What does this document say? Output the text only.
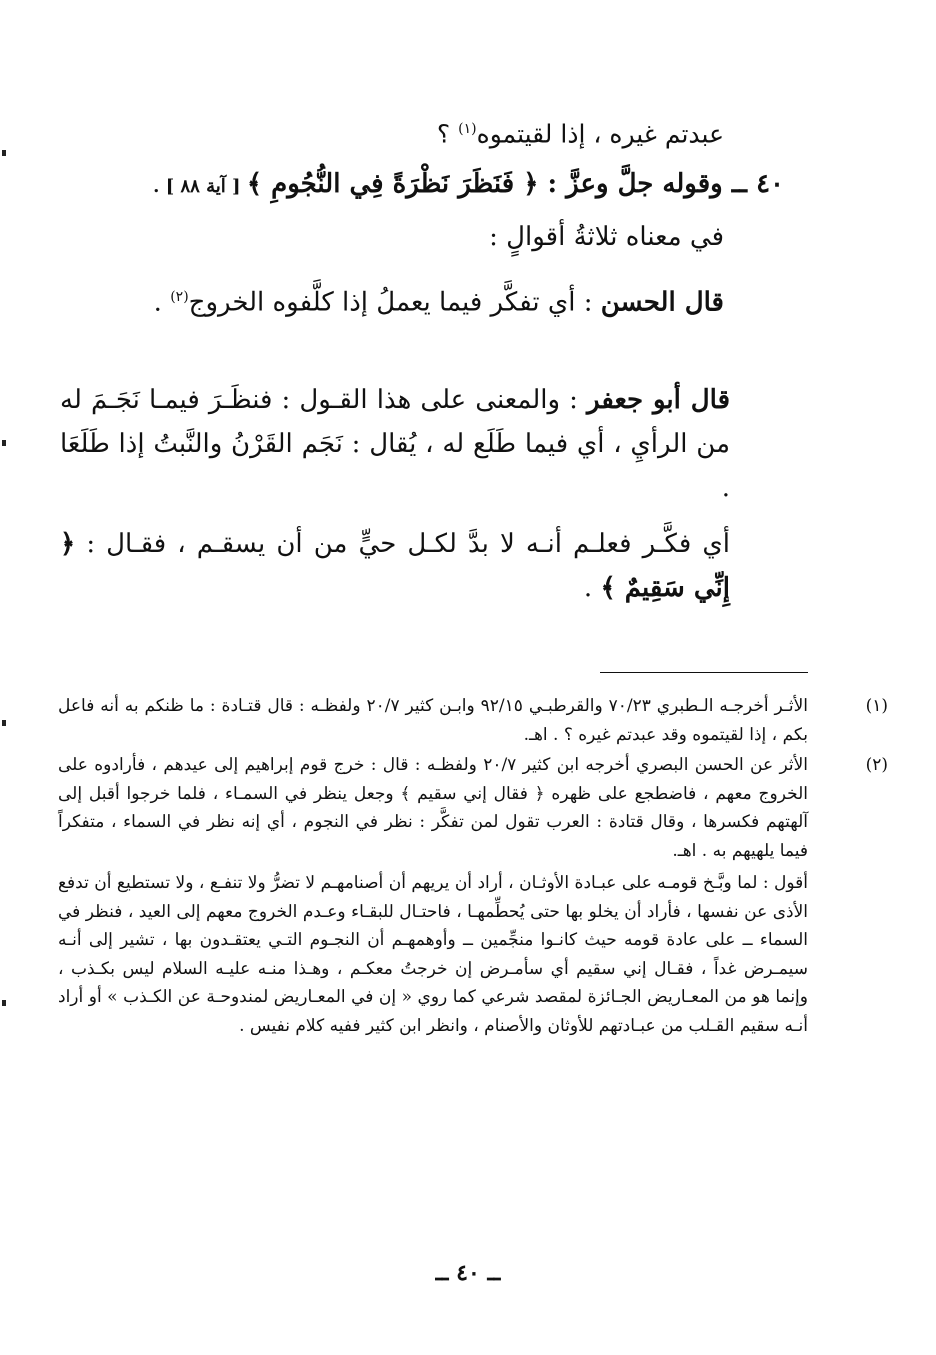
عبدتم غيره ، إذا لقيتموه$^{(١)}$ ؟

٤٠ ــ وقوله جلَّ وعزَّ : ﴿ فَنَظَرَ نَظْرَةً فِي النُّجُومِ ﴾ [ آية ٨٨ ] .

في معناه ثلاثةُ أقوالٍ :

قال الحسن : أي تفكَّر فيما يعملُ إذا كلَّفوه الخروج$^{(٢)}$ .

قال أبو جعفر : والمعنى على هذا القـول : فنظَـرَ فيمـا نَجَـمَ له من الرأيِ ، أي فيما طَلَع له ، يُقال : نَجَم القَرْنُ والنَّبتُ إذا طَلَعَا .

أي فكَّـر فعلـم أنـه لا بدَّ لكـل حيٍّ من أن يسقـم ، فقـال : ﴿ إِنِّي سَقِيمٌ ﴾ .

(١)

الأثـر أخرجـه الـطبري ٧٠/٢٣ والقرطبـي ٩٢/١٥ وابـن كثير ٢٠/٧ ولفظـه : قال قتـادة : ما ظنكم به أنه فاعل بكم ، إذا لقيتموه وقد عبدتم غيره ؟ . اهـ.

(٢)

الأثر عن الحسن البصري أخرجه ابن كثير ٢٠/٧ ولفظـه : قال : خرج قوم إبراهيم إلى عيدهم ، فأرادوه على الخروج معهم ، فاضطجع على ظهره ﴿ فقال إني سقيم ﴾ وجعل ينظر في السمـاء ، فلما خرجوا أقبل إلى آلهتهم فكسرها ، وقال قتادة : العرب تقول لمن تفكَّر : نظر في النجوم ، أي إنه نظر في السماء ، متفكراً فيما يلهيهم به . اهـ.

أقول : لما وبَّـخ قومـه على عبـادة الأوثـان ، أراد أن يريهم أن أصنامهـم لا تضرُّ ولا تنفـع ، ولا تستطيع أن تدفع الأذى عن نفسها ، فأراد أن يخلو بها حتى يُحطِّمهـا ، فاحتـال للبقـاء وعـدم الخروج معهم إلى العيد ، فنظر في السماء ــ على عادة قومه حيث كانـوا منجِّمين ــ وأوهمهـم أن النجـوم التـي يعتقـدون بها ، تشير إلى أنـه سيمـرض غداً ، فقـال إني سقيم أي سأمـرض إن خرجتُ معكـم ، وهـذا منـه عليـه السلام ليس بكـذب ، وإنما هو من المعـاريض الجـائزة لمقصد شرعي كما روي « إن في المعـاريض لمندوحـة عن الكـذب » أو أراد أنـه سقيم القـلب من عبـادتهم للأوثان والأصنام ، وانظر ابن كثير ففيه كلام نفيس .

ــ ٤٠ ــ
